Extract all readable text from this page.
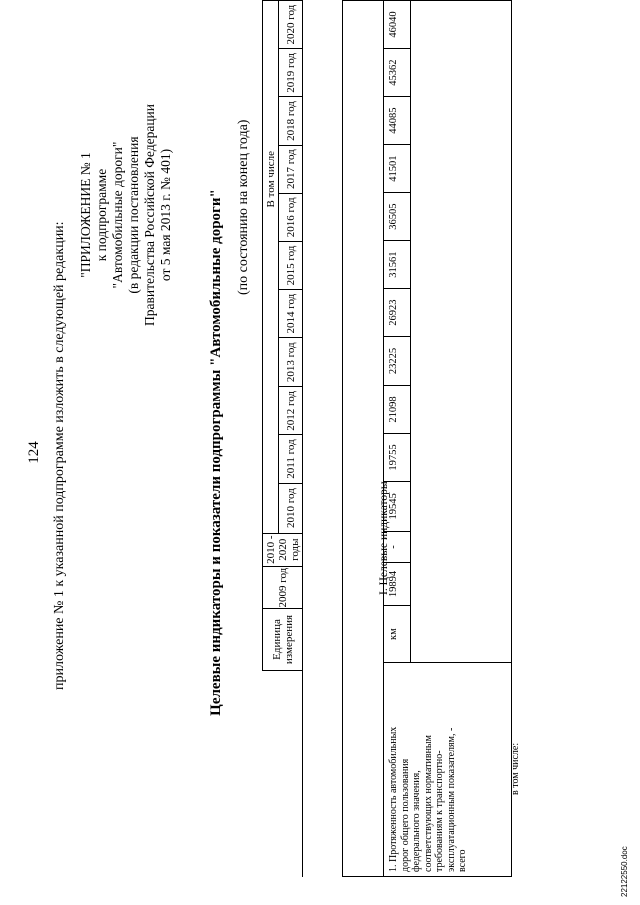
124 приложение № 1 к указанной подпрограмме изложить в следующей редакции:
"ПРИЛОЖЕНИЕ № 1 к подпрограмме "Автомобильные дороги" (в редакции постановления Правительства Российской Федерации от 5 мая 2013 г. № 401) Целевые индикаторы и показатели подпрограммы "Автомобильные дороги" (по состоянию на конец года)
	Единица измерения	2009 год	2010 - 2020 годы	В том числе										
				2010 год	2011 год	2012 год	2013 год	2014 год	2015 год	2016 год	2017 год	2018 год	2019 год	2020 год
I. Целевые индикаторы

1. Протяженность автомобильных дорог общего пользования федерального значения, соответствующих нормативным требованиям к транспортно-эксплуатационным показателям, - всего	км	19894	-	19545	19755	21098	23225	26923	31561	36505	41501	44085	45362	46040

в том числе:
22122550.doc
